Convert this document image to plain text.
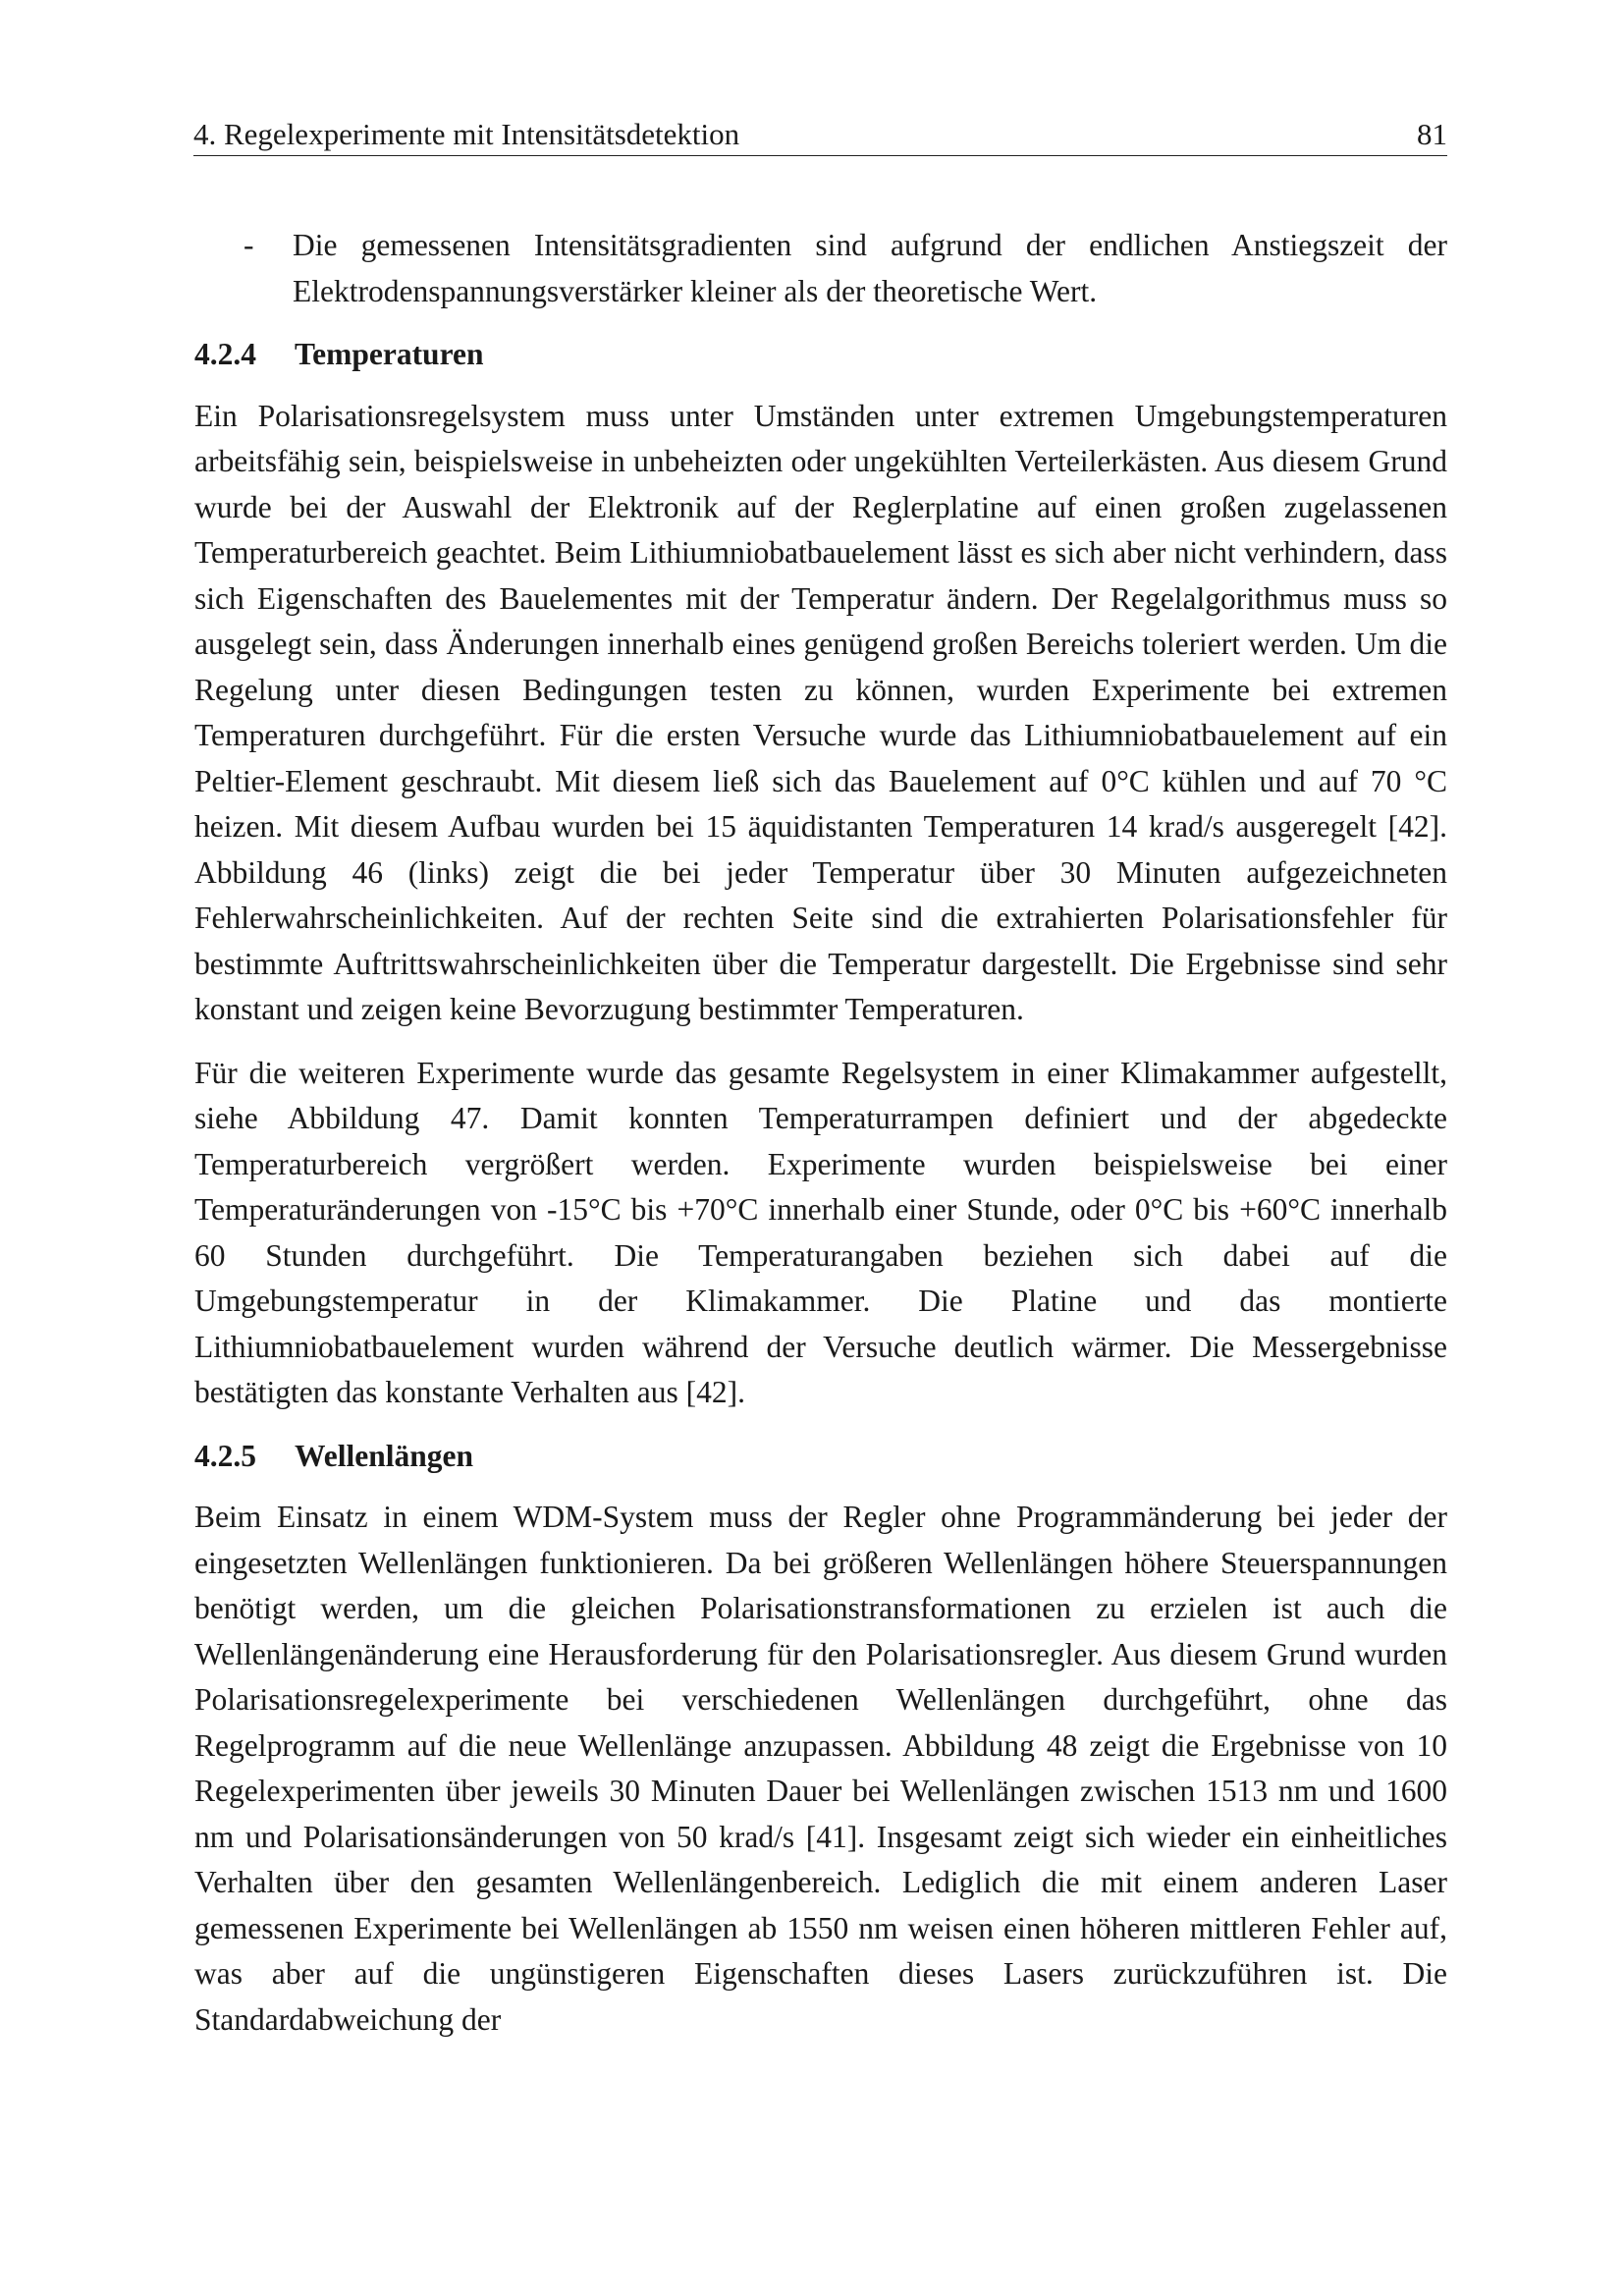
4. Regelexperimente mit Intensitätsdetektion	81
-	Die gemessenen Intensitätsgradienten sind aufgrund der endlichen Anstiegszeit der Elektrodenspannungsverstärker kleiner als der theoretische Wert.

4.2.4 Temperaturen

Ein Polarisationsregelsystem muss unter Umständen unter extremen Umgebungstemperaturen arbeitsfähig sein, beispielsweise in unbeheizten oder ungekühlten Verteilerkästen. Aus diesem Grund wurde bei der Auswahl der Elektronik auf der Reglerplatine auf einen großen zugelassenen Temperaturbereich geachtet. Beim Lithiumniobatbauelement lässt es sich aber nicht verhindern, dass sich Eigenschaften des Bauelementes mit der Temperatur ändern. Der Regelalgorithmus muss so ausgelegt sein, dass Änderungen innerhalb eines genügend großen Bereichs toleriert werden. Um die Regelung unter diesen Bedingungen testen zu können, wurden Experimente bei extremen Temperaturen durchgeführt. Für die ersten Versuche wurde das Lithiumniobatbauelement auf ein Peltier-Element geschraubt. Mit diesem ließ sich das Bauelement auf 0°C kühlen und auf 70 °C heizen. Mit diesem Aufbau wurden bei 15 äquidistanten Temperaturen 14 krad/s ausgeregelt [42]. Abbildung 46 (links) zeigt die bei jeder Temperatur über 30 Minuten aufgezeichneten Fehlerwahrscheinlichkeiten. Auf der rechten Seite sind die extrahierten Polarisationsfehler für bestimmte Auftrittswahrscheinlichkeiten über die Temperatur dargestellt. Die Ergebnisse sind sehr konstant und zeigen keine Bevorzugung bestimmter Temperaturen.

Für die weiteren Experimente wurde das gesamte Regelsystem in einer Klimakammer aufgestellt, siehe Abbildung 47. Damit konnten Temperaturrampen definiert und der abgedeckte Temperaturbereich vergrößert werden. Experimente wurden beispielsweise bei einer Temperaturänderungen von -15°C bis +70°C innerhalb einer Stunde, oder 0°C bis +60°C innerhalb 60 Stunden durchgeführt. Die Temperaturangaben beziehen sich dabei auf die Umgebungstemperatur in der Klimakammer. Die Platine und das montierte Lithiumniobatbauelement wurden während der Versuche deutlich wärmer. Die Messergebnisse bestätigten das konstante Verhalten aus [42].

4.2.5 Wellenlängen

Beim Einsatz in einem WDM-System muss der Regler ohne Programmänderung bei jeder der eingesetzten Wellenlängen funktionieren. Da bei größeren Wellenlängen höhere Steuerspannungen benötigt werden, um die gleichen Polarisationstransformationen zu erzielen ist auch die Wellenlängenänderung eine Herausforderung für den Polarisationsregler. Aus diesem Grund wurden Polarisationsregelexperimente bei verschiedenen Wellenlängen durchgeführt, ohne das Regelprogramm auf die neue Wellenlänge anzupassen. Abbildung 48 zeigt die Ergebnisse von 10 Regelexperimenten über jeweils 30 Minuten Dauer bei Wellenlängen zwischen 1513 nm und 1600 nm und Polarisationsänderungen von 50 krad/s [41]. Insgesamt zeigt sich wieder ein einheitliches Verhalten über den gesamten Wellenlängenbereich. Lediglich die mit einem anderen Laser gemessenen Experimente bei Wellenlängen ab 1550 nm weisen einen höheren mittleren Fehler auf, was aber auf die ungünstigeren Eigenschaften dieses Lasers zurückzuführen ist. Die Standardabweichung der
